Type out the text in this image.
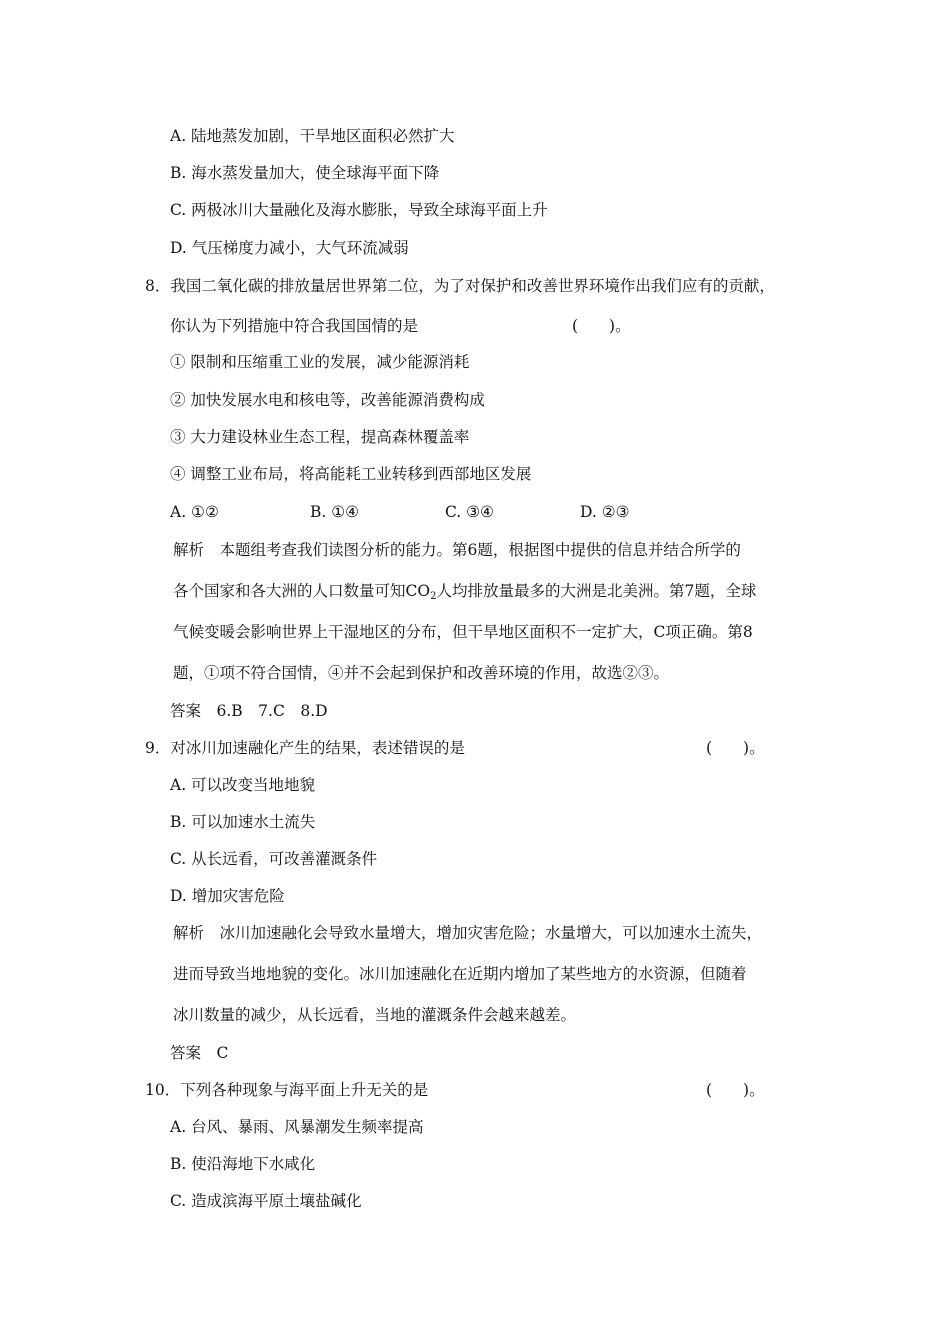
A. 陆地蒸发加剧，干旱地区面积必然扩大
B. 海水蒸发量加大，使全球海平面下降
C. 两极冰川大量融化及海水膨胀，导致全球海平面上升
D. 气压梯度力减小，大气环流减弱
8．我国二氧化碳的排放量居世界第二位，为了对保护和改善世界环境作出我们应有的贡献，
你认为下列措施中符合我国国情的是	(　　)。
① 限制和压缩重工业的发展，减少能源消耗
② 加快发展水电和核电等，改善能源消费构成
③ 大力建设林业生态工程，提高森林覆盖率
④ 调整工业布局，将高能耗工业转移到西部地区发展
A. ①②	B. ①④	C. ③④	D. ②③
解析　本题组考查我们读图分析的能力。第6题，根据图中提供的信息并结合所学的
各个国家和各大洲的人口数量可知$CO_2$人均排放量最多的大洲是北美洲。第7题，全球
气候变暖会影响世界上干湿地区的分布，但干旱地区面积不一定扩大，C项正确。第8
题，①项不符合国情，④并不会起到保护和改善环境的作用，故选②③。
答案　6.B　7.C　8.D
9．对冰川加速融化产生的结果，表述错误的是	(　　)。
A. 可以改变当地地貌
B. 可以加速水土流失
C. 从长远看，可改善灌溉条件
D. 增加灾害危险
解析　冰川加速融化会导致水量增大，增加灾害危险；水量增大，可以加速水土流失，
进而导致当地地貌的变化。冰川加速融化在近期内增加了某些地方的水资源，但随着
冰川数量的减少，从长远看，当地的灌溉条件会越来越差。
答案　C
10．下列各种现象与海平面上升无关的是	(　　)。
A. 台风、暴雨、风暴潮发生频率提高
B. 使沿海地下水咸化
C. 造成滨海平原土壤盐碱化
